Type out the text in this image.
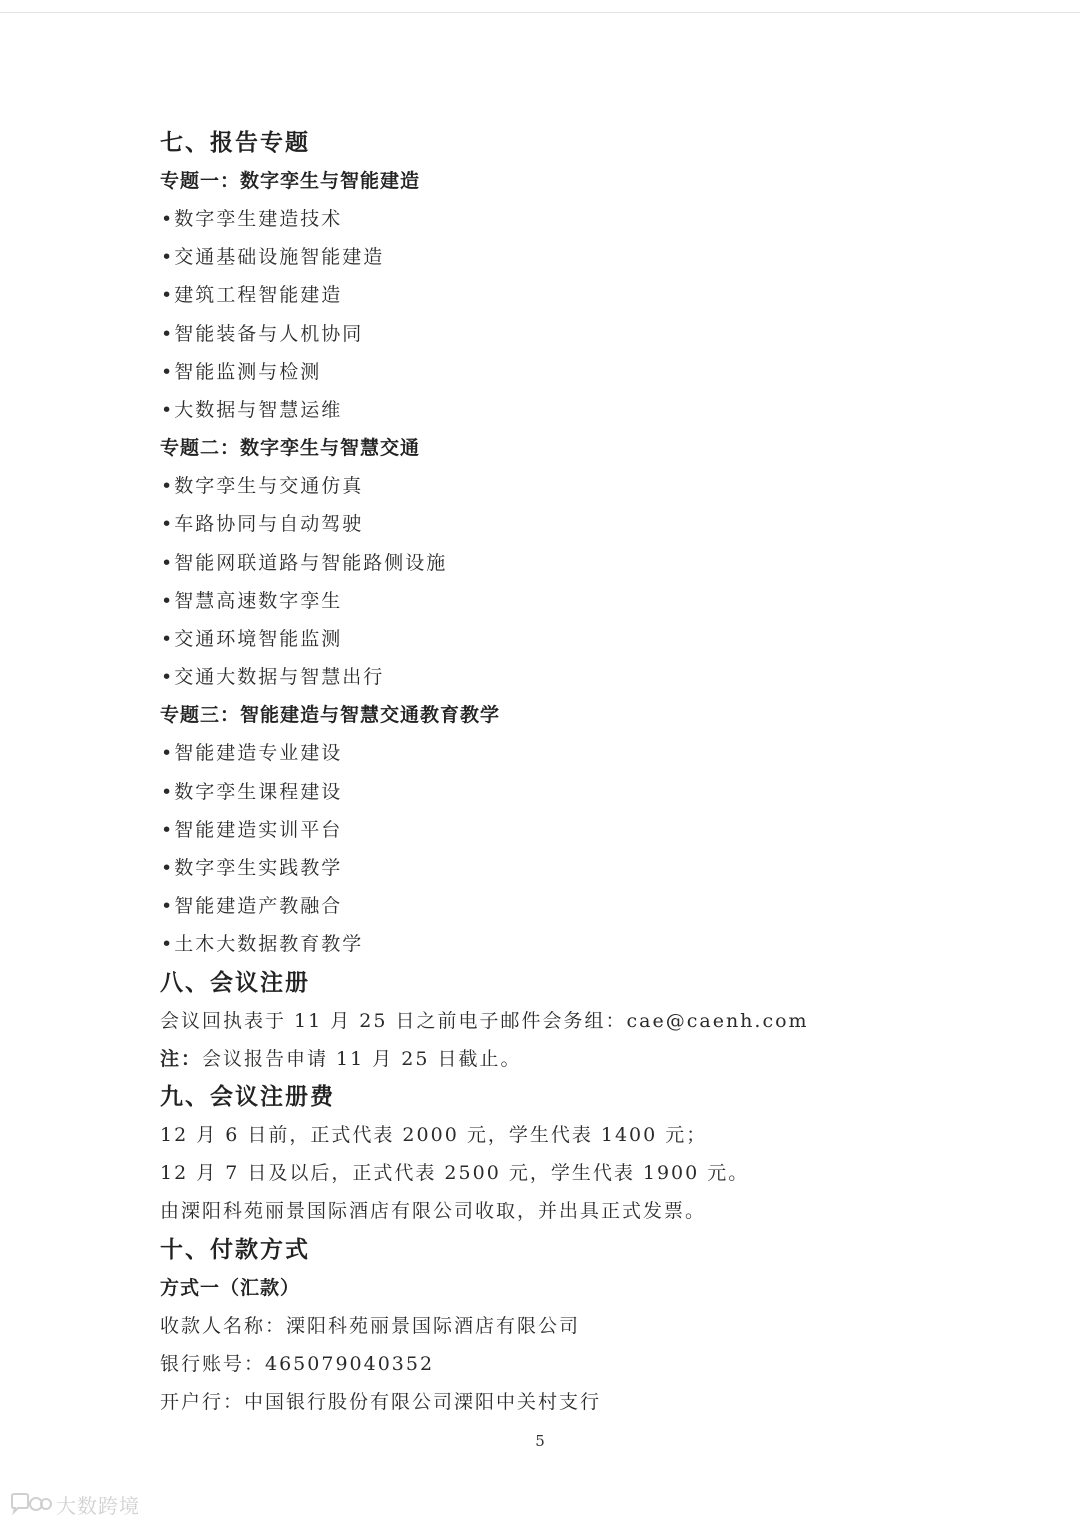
七、报告专题
专题一：数字孪生与智能建造
•数字孪生建造技术
•交通基础设施智能建造
•建筑工程智能建造
•智能装备与人机协同
•智能监测与检测
•大数据与智慧运维
专题二：数字孪生与智慧交通
•数字孪生与交通仿真
•车路协同与自动驾驶
•智能网联道路与智能路侧设施
•智慧高速数字孪生
•交通环境智能监测
•交通大数据与智慧出行
专题三：智能建造与智慧交通教育教学
•智能建造专业建设
•数字孪生课程建设
•智能建造实训平台
•数字孪生实践教学
•智能建造产教融合
•土木大数据教育教学
八、会议注册
会议回执表于 11 月 25 日之前电子邮件会务组：cae@caenh.com
注：会议报告申请 11 月 25 日截止。
九、会议注册费
12 月 6 日前，正式代表 2000 元，学生代表 1400 元；
12 月 7 日及以后，正式代表 2500 元，学生代表 1900 元。
由溧阳科苑丽景国际酒店有限公司收取，并出具正式发票。
十、付款方式
方式一（汇款）
收款人名称：溧阳科苑丽景国际酒店有限公司
银行账号：465079040352
开户行：中国银行股份有限公司溧阳中关村支行
5
大数跨境
